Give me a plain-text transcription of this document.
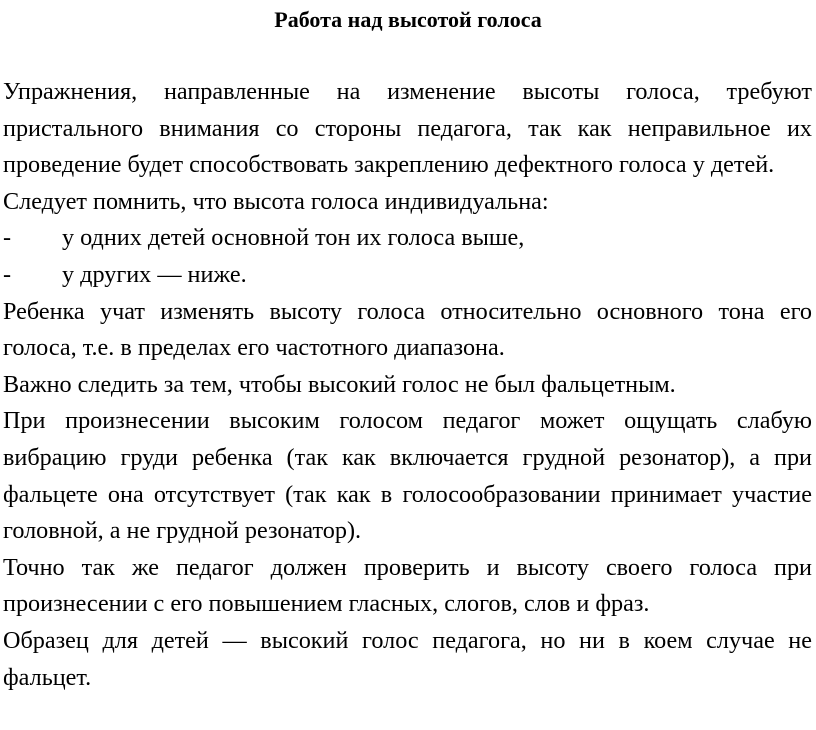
Работа над высотой голоса

Упражнения, направленные на изменение высоты голоса, требуют пристального внимания со стороны педагога, так как неправильное их проведение будет способствовать закреплению дефектного голоса у детей.

Следует помнить, что высота голоса индивидуальна:

-	у одних детей основной тон их голоса выше,
-	у других — ниже.

Ребенка учат изменять высоту голоса относительно основного тона его голоса, т.е. в пределах его частотного диапазона.

Важно следить за тем, чтобы высокий голос не был фальцетным.

При произнесении высоким голосом педагог может ощущать слабую вибрацию груди ребенка (так как включается грудной резонатор), а при фальцете она отсутствует (так как в голосообразовании принимает участие головной, а не грудной резонатор).

Точно так же педагог должен проверить и высоту своего голоса при произнесении с его повышением гласных, слогов, слов и фраз.

Образец для детей — высокий голос педагога, но ни в коем случае не фальцет.
